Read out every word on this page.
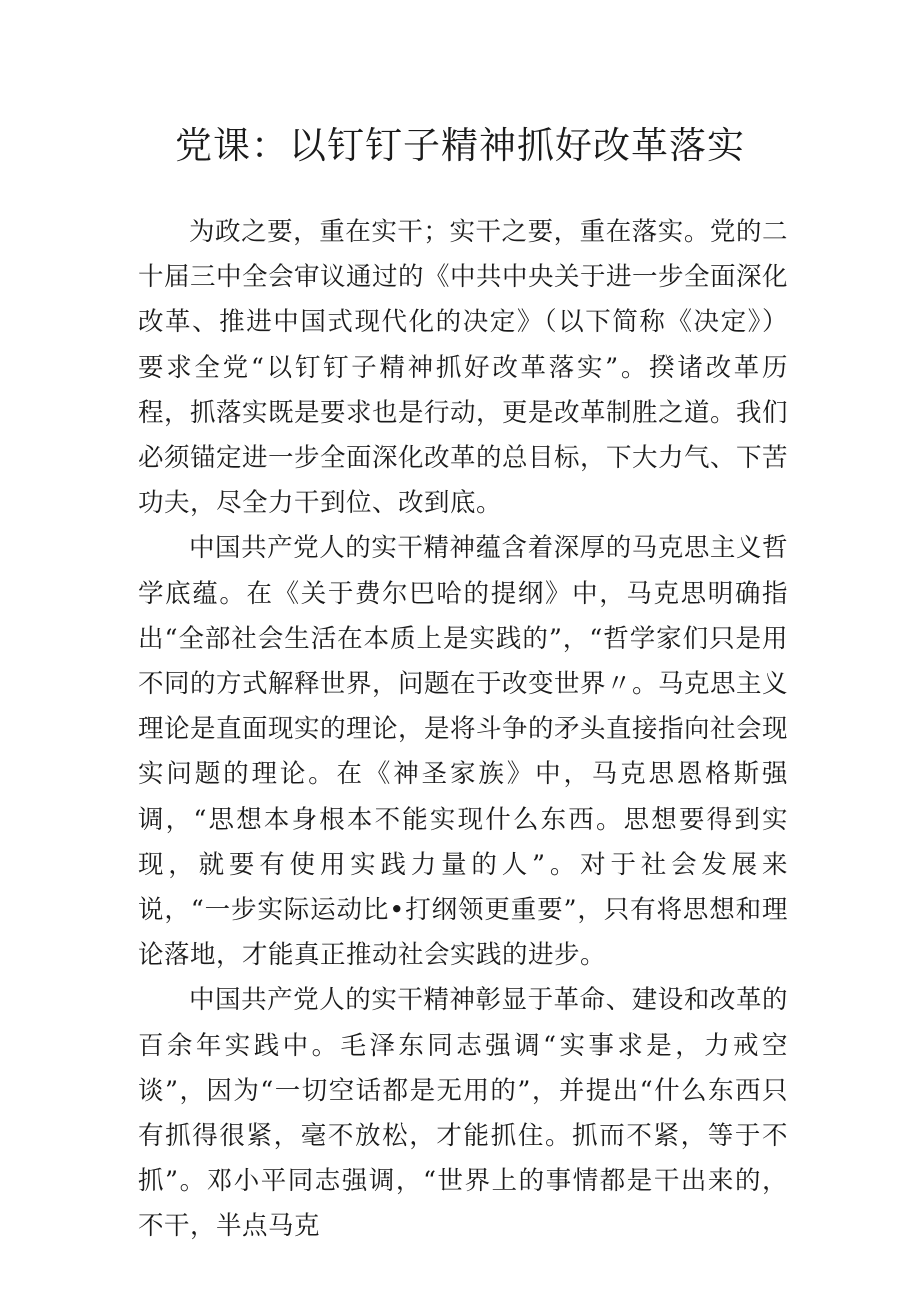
党课：以钉钉子精神抓好改革落实

为政之要，重在实干；实干之要，重在落实。党的二十届三中全会审议通过的《中共中央关于进一步全面深化改革、推进中国式现代化的决定》（以下简称《决定》）要求全党“以钉钉子精神抓好改革落实”。揆诸改革历程，抓落实既是要求也是行动，更是改革制胜之道。我们必须锚定进一步全面深化改革的总目标，下大力气、下苦功夫，尽全力干到位、改到底。

中国共产党人的实干精神蕴含着深厚的马克思主义哲学底蕴。在《关于费尔巴哈的提纲》中，马克思明确指出“全部社会生活在本质上是实践的”，“哲学家们只是用不同的方式解释世界，问题在于改变世界〃。马克思主义理论是直面现实的理论，是将斗争的矛头直接指向社会现实问题的理论。在《神圣家族》中，马克思恩格斯强调，“思想本身根本不能实现什么东西。思想要得到实现，就要有使用实践力量的人”。对于社会发展来说，“一步实际运动比•打纲领更重要”，只有将思想和理论落地，才能真正推动社会实践的进步。

中国共产党人的实干精神彰显于革命、建设和改革的百余年实践中。毛泽东同志强调“实事求是，力戒空谈”，因为“一切空话都是无用的”，并提出“什么东西只有抓得很紧，毫不放松，才能抓住。抓而不紧，等于不抓”。邓小平同志强调，“世界上的事情都是干出来的，不干，半点马克
